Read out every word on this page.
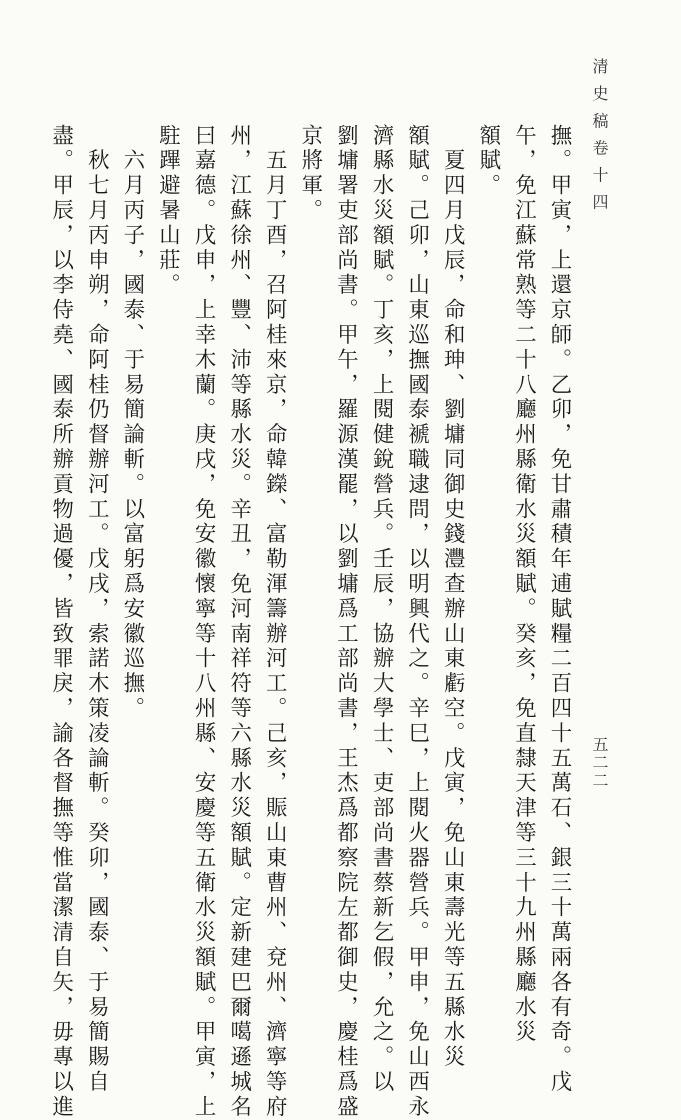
清 史 稿 卷 十 四
撫。甲寅，上還京師。乙卯，免甘肅積年逋賦糧二百四十五萬石、銀三十萬兩各有奇。戊
午，免江蘇常熟等二十八廳州縣衛水災額賦。癸亥，免直隸天津等三十九州縣廳水災
額賦。
　夏四月戊辰，命和珅、劉墉同御史錢灃查辦山東虧空。戊寅，免山東壽光等五縣水災
額賦。己卯，山東巡撫國泰褫職逮問，以明興代之。辛巳，上閱火器營兵。甲申，免山西永
濟縣水災額賦。丁亥，上閱健銳營兵。壬辰，協辦大學士、吏部尚書蔡新乞假，允之。以
劉墉署吏部尚書。甲午，羅源漢罷，以劉墉爲工部尚書，王杰爲都察院左都御史，慶桂爲盛
京將軍。
　五月丁酉，召阿桂來京，命韓鑅、富勒渾籌辦河工。己亥，賑山東曹州、兗州、濟寧等府
州，江蘇徐州、豐、沛等縣水災。辛丑，免河南祥符等六縣水災額賦。定新建巴爾噶遜城名
曰嘉德。戊申，上幸木蘭。庚戌，免安徽懷寧等十八州縣、安慶等五衛水災額賦。甲寅，上
駐蹕避暑山莊。
　六月丙子，國泰、于易簡論斬。以富躬爲安徽巡撫。
　秋七月丙申朔，命阿桂仍督辦河工。戊戌，索諾木策凌論斬。癸卯，國泰、于易簡賜自
盡。甲辰，以李侍堯、國泰所辦貢物過優，皆致罪戾，諭各督撫等惟當潔清自矢，毋專以進	五二二
